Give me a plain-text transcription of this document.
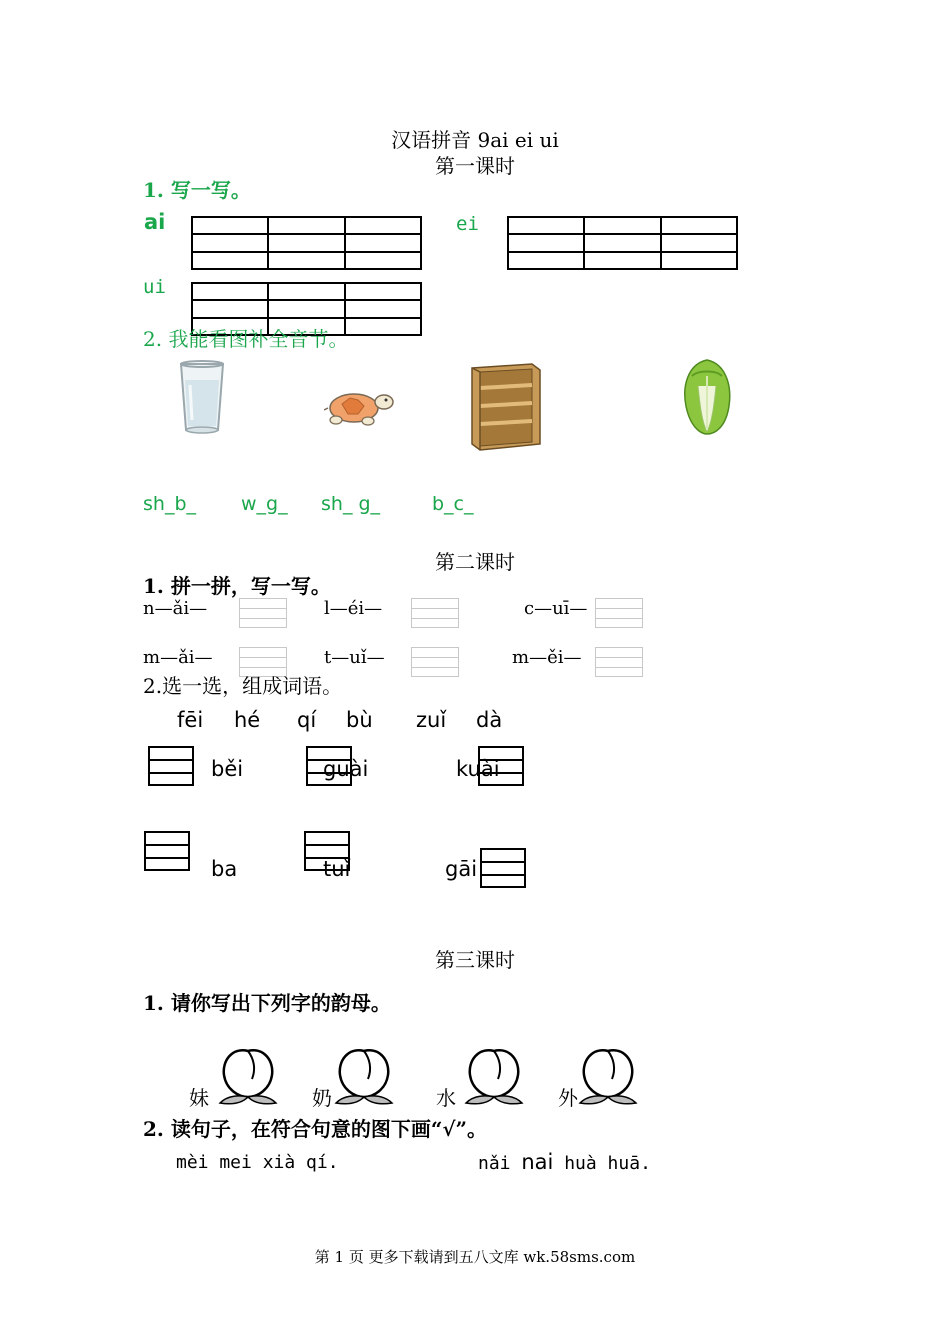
汉语拼音 9ai ei ui
第一课时
1. 写一写。
ai

			ei

ui

2. 我能看图补全音节。
sh_b_ w_g_ sh_ g_	b_c_
第二课时
1. 拼一拼，写一写。
n—ǎi—	l—éi—	c—uī—
m—ǎi—	t—uǐ—	m—ěi—
2.选一选，组成词语。
fēi hé qí bù zuǐ dà
běi	guài	kuài
ba	tuǐ	gāi
第三课时
1. 请你写出下列字的韵母。
妹	奶	水	外
2. 读句子，在符合句意的图下画“√”。
mèi mei xià qí.	nǎi nai huà huā.
第 1 页 更多下载请到五八文库 wk.58sms.com
